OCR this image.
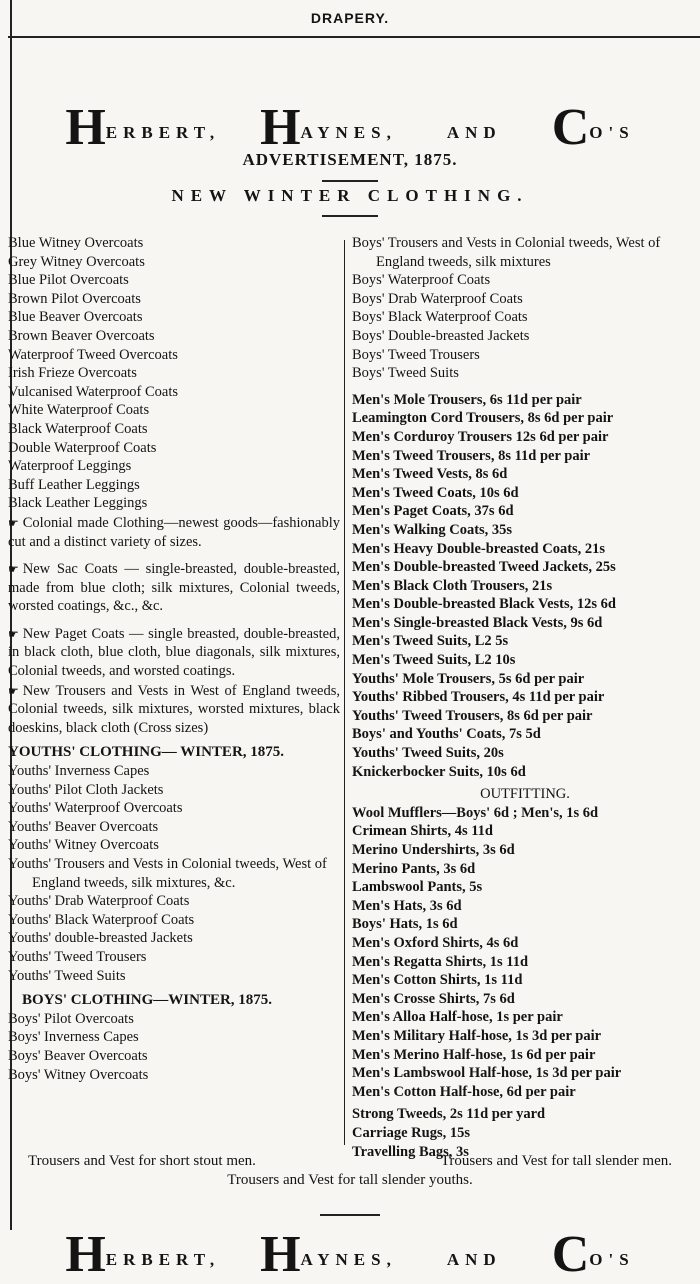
DRAPERY.
HERBERT, HAYNES,	AND CO'S
ADVERTISEMENT, 1875.
NEW WINTER CLOTHING.
Blue Witney Overcoats
Grey Witney Overcoats
Blue Pilot Overcoats
Brown Pilot Overcoats
Blue Beaver Overcoats
Brown Beaver Overcoats
Waterproof Tweed Overcoats
Irish Frieze Overcoats
Vulcanised Waterproof Coats
White Waterproof Coats
Black Waterproof Coats
Double Waterproof Coats
Waterproof Leggings
Buff Leather Leggings
Black Leather Leggings
☛ Colonial made Clothing—newest goods—fashionably cut and a distinct variety of sizes.
☛ New Sac Coats — single-breasted, double-breasted, made from blue cloth; silk mixtures, Colonial tweeds, worsted coatings, &c., &c.
☛ New Paget Coats — single breasted, double-breasted, in black cloth, blue cloth, blue diagonals, silk mixtures, Colonial tweeds, and worsted coatings.
☛ New Trousers and Vests in West of England tweeds, Colonial tweeds, silk mixtures, worsted mixtures, black doeskins, black cloth (Cross sizes)
YOUTHS' CLOTHING— WINTER, 1875.
Youths' Inverness Capes
Youths' Pilot Cloth Jackets
Youths' Waterproof Overcoats
Youths' Beaver Overcoats
Youths' Witney Overcoats
Youths' Trousers and Vests in Colonial tweeds, West of England tweeds, silk mixtures, &c.
Youths' Drab Waterproof Coats
Youths' Black Waterproof Coats
Youths' double-breasted Jackets
Youths' Tweed Trousers
Youths' Tweed Suits
BOYS' CLOTHING—WINTER, 1875.
Boys' Pilot Overcoats
Boys' Inverness Capes
Boys' Beaver Overcoats
Boys' Witney Overcoats
Boys' Trousers and Vests in Colonial tweeds, West of England tweeds, silk mixtures
Boys' Waterproof Coats
Boys' Drab Waterproof Coats
Boys' Black Waterproof Coats
Boys' Double-breasted Jackets
Boys' Tweed Trousers
Boys' Tweed Suits
Men's Mole Trousers, 6s 11d per pair
Leamington Cord Trousers, 8s 6d per pair
Men's Corduroy Trousers 12s 6d per pair
Men's Tweed Trousers, 8s 11d per pair
Men's Tweed Vests, 8s 6d
Men's Tweed Coats, 10s 6d
Men's Paget Coats, 37s 6d
Men's Walking Coats, 35s
Men's Heavy Double-breasted Coats, 21s
Men's Double-breasted Tweed Jackets, 25s
Men's Black Cloth Trousers, 21s
Men's Double-breasted Black Vests, 12s 6d
Men's Single-breasted Black Vests, 9s 6d
Men's Tweed Suits, L2 5s
Men's Tweed Suits, L2 10s
Youths' Mole Trousers, 5s 6d per pair
Youths' Ribbed Trousers, 4s 11d per pair
Youths' Tweed Trousers, 8s 6d per pair
Boys' and Youths' Coats, 7s 5d
Youths' Tweed Suits, 20s
Knickerbocker Suits, 10s 6d
OUTFITTING.
Wool Mufflers—Boys' 6d ; Men's, 1s 6d
Crimean Shirts, 4s 11d
Merino Undershirts, 3s 6d
Merino Pants, 3s 6d
Lambswool Pants, 5s
Men's Hats, 3s 6d
Boys' Hats, 1s 6d
Men's Oxford Shirts, 4s 6d
Men's Regatta Shirts, 1s 11d
Men's Cotton Shirts, 1s 11d
Men's Crosse Shirts, 7s 6d
Men's Alloa Half-hose, 1s per pair
Men's Military Half-hose, 1s 3d per pair
Men's Merino Half-hose, 1s 6d per pair
Men's Lambswool Half-hose, 1s 3d per pair
Men's Cotton Half-hose, 6d per pair
Strong Tweeds, 2s 11d per yard
Carriage Rugs, 15s
Travelling Bags, 3s
Trousers and Vest for short stout men.	Trousers and Vest for tall slender men.
Trousers and Vest for tall slender youths.
HERBERT, HAYNES,	AND CO'S
